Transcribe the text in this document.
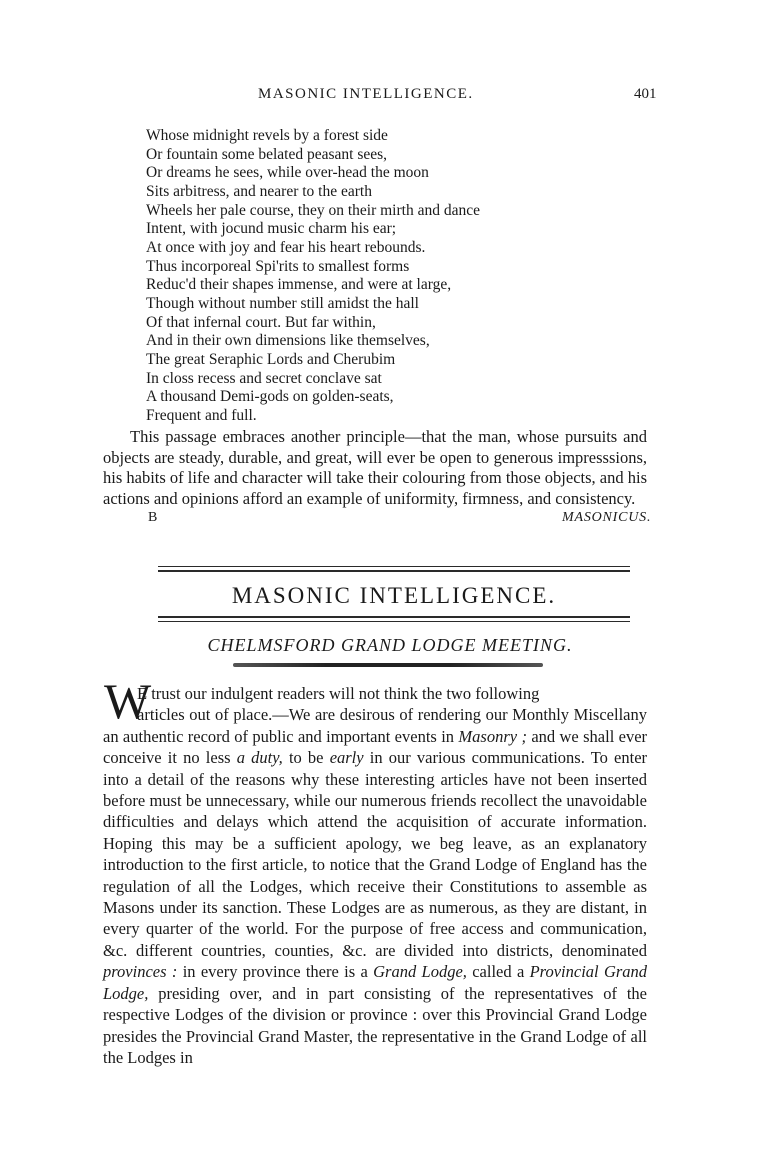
MASONIC INTELLIGENCE.	401
Whose midnight revels by a forest side
Or fountain some belated peasant sees,
Or dreams he sees, while over-head the moon
Sits arbitress, and nearer to the earth
Wheels her pale course, they on their mirth and dance
Intent, with jocund music charm his ear;
At once with joy and fear his heart rebounds.
Thus incorporeal Spi'rits to smallest forms
Reduc'd their shapes immense, and were at large,
Though without number still amidst the hall
Of that infernal court. But far within,
And in their own dimensions like themselves,
The great Seraphic Lords and Cherubim
In closs recess and secret conclave sat
A thousand Demi-gods on golden-seats,
Frequent and full.
This passage embraces another principle—that the man, whose pursuits and objects are steady, durable, and great, will ever be open to generous impresssions, his habits of life and character will take their colouring from those objects, and his actions and opinions afford an example of uniformity, firmness, and consistency.
B	MASONICUS.
MASONIC INTELLIGENCE.
CHELMSFORD GRAND LODGE MEETING.
W
E trust our indulgent readers will not think the two following
articles out of place.—We are desirous of rendering our Monthly Miscellany an authentic record of public and important events in Masonry ; and we shall ever conceive it no less a duty, to be early in our various communications. To enter into a detail of the reasons why these interesting articles have not been inserted before must be unnecessary, while our numerous friends recollect the unavoidable difficulties and delays which attend the acquisition of accurate information. Hoping this may be a sufficient apology, we beg leave, as an explanatory introduction to the first article, to notice that the Grand Lodge of England has the regulation of all the Lodges, which receive their Constitutions to assemble as Masons under its sanction. These Lodges are as numerous, as they are distant, in every quarter of the world. For the purpose of free access and communication, &c. different countries, counties, &c. are divided into districts, denominated provinces : in every province there is a Grand Lodge, called a Provincial Grand Lodge, presiding over, and in part consisting of the representatives of the respective Lodges of the division or province : over this Provincial Grand Lodge presides the Provincial Grand Master, the representative in the Grand Lodge of all the Lodges in
